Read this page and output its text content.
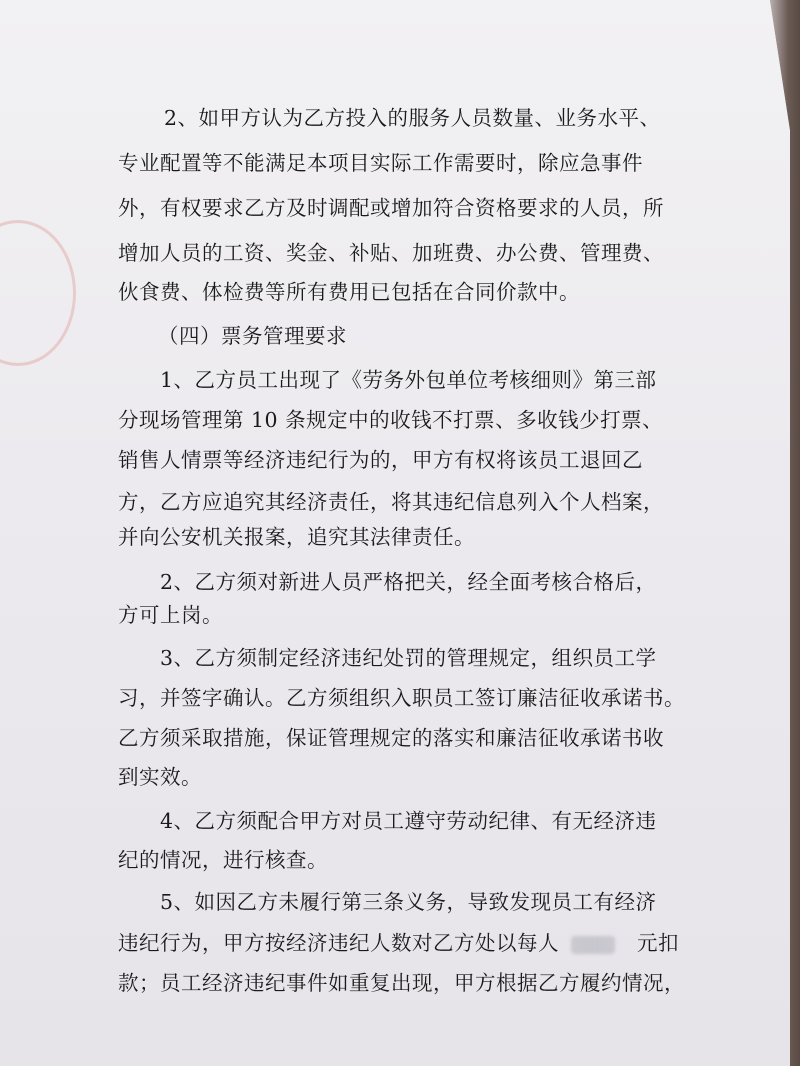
2、如甲方认为乙方投入的服务人员数量、业务水平、
专业配置等不能满足本项目实际工作需要时，除应急事件
外，有权要求乙方及时调配或增加符合资格要求的人员，所
增加人员的工资、奖金、补贴、加班费、办公费、管理费、
伙食费、体检费等所有费用已包括在合同价款中。
（四）票务管理要求
1、乙方员工出现了《劳务外包单位考核细则》第三部
分现场管理第 10 条规定中的收钱不打票、多收钱少打票、
销售人情票等经济违纪行为的，甲方有权将该员工退回乙
方，乙方应追究其经济责任，将其违纪信息列入个人档案，
并向公安机关报案，追究其法律责任。
2、乙方须对新进人员严格把关，经全面考核合格后，
方可上岗。
3、乙方须制定经济违纪处罚的管理规定，组织员工学
习，并签字确认。乙方须组织入职员工签订廉洁征收承诺书。
乙方须采取措施，保证管理规定的落实和廉洁征收承诺书收
到实效。
4、乙方须配合甲方对员工遵守劳动纪律、有无经济违
纪的情况，进行核查。
5、如因乙方未履行第三条义务，导致发现员工有经济
违纪行为，甲方按经济违纪人数对乙方处以每人	元扣
款；员工经济违纪事件如重复出现，甲方根据乙方履约情况，
